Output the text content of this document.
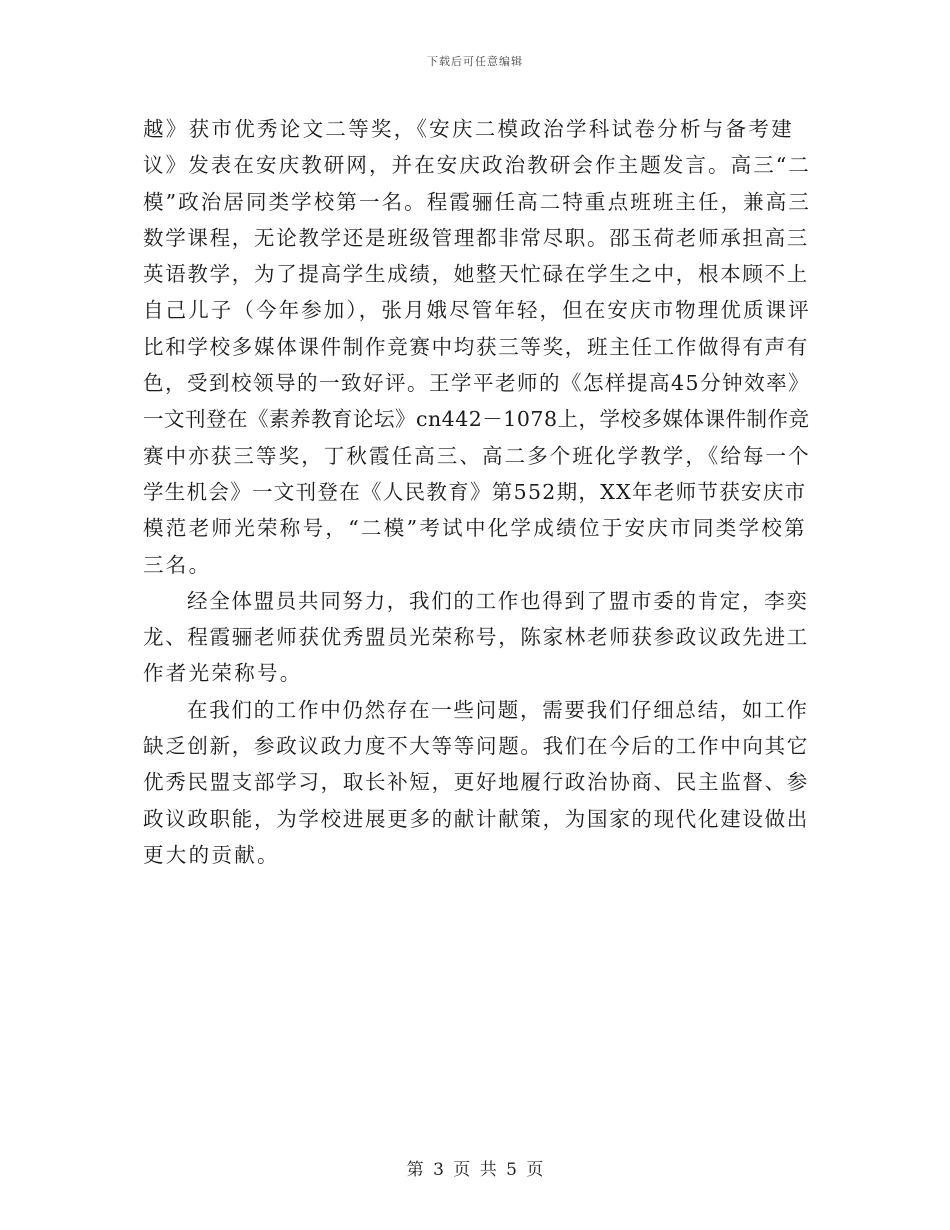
下载后可任意编辑
越》获市优秀论文二等奖，《安庆二模政治学科试卷分析与备考建
议》发表在安庆教研网，并在安庆政治教研会作主题发言。高三“二
模”政治居同类学校第一名。程霞骊任高二特重点班班主任，兼高三
数学课程，无论教学还是班级管理都非常尽职。邵玉荷老师承担高三
英语教学，为了提高学生成绩，她整天忙碌在学生之中，根本顾不上
自己儿子（今年参加），张月娥尽管年轻，但在安庆市物理优质课评
比和学校多媒体课件制作竞赛中均获三等奖，班主任工作做得有声有
色，受到校领导的一致好评。王学平老师的《怎样提高45分钟效率》
一文刊登在《素养教育论坛》cn442－1078上，学校多媒体课件制作竞
赛中亦获三等奖，丁秋霞任高三、高二多个班化学教学，《给每一个
学生机会》一文刊登在《人民教育》第552期，XX年老师节获安庆市
模范老师光荣称号，“二模”考试中化学成绩位于安庆市同类学校第
三名。
经全体盟员共同努力，我们的工作也得到了盟市委的肯定，李奕
龙、程霞骊老师获优秀盟员光荣称号，陈家林老师获参政议政先进工
作者光荣称号。
在我们的工作中仍然存在一些问题，需要我们仔细总结，如工作
缺乏创新，参政议政力度不大等等问题。我们在今后的工作中向其它
优秀民盟支部学习，取长补短，更好地履行政治协商、民主监督、参
政议政职能，为学校进展更多的献计献策，为国家的现代化建设做出
更大的贡献。
第 3 页 共 5 页
